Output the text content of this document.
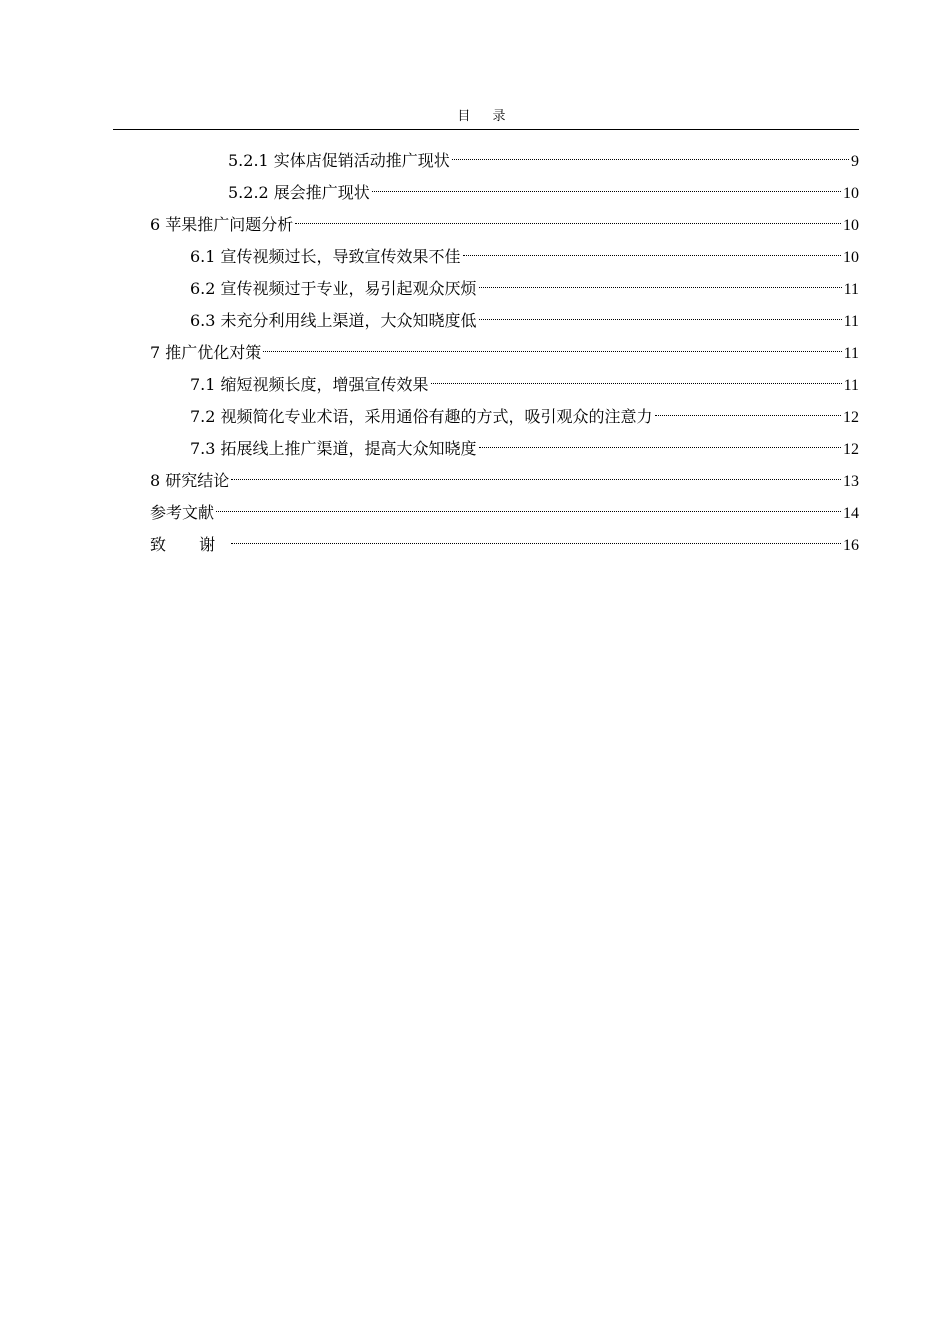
目 录
5.2.1 实体店促销活动推广现状	9
5.2.2 展会推广现状	10
6 苹果推广问题分析	10
6.1 宣传视频过长，导致宣传效果不佳	10
6.2 宣传视频过于专业，易引起观众厌烦	11
6.3 未充分利用线上渠道，大众知晓度低	11
7 推广优化对策	11
7.1 缩短视频长度，增强宣传效果	11
7.2 视频简化专业术语，采用通俗有趣的方式，吸引观众的注意力	12
7.3 拓展线上推广渠道，提高大众知晓度	12
8 研究结论	13
参考文献	14
致 谢	16
